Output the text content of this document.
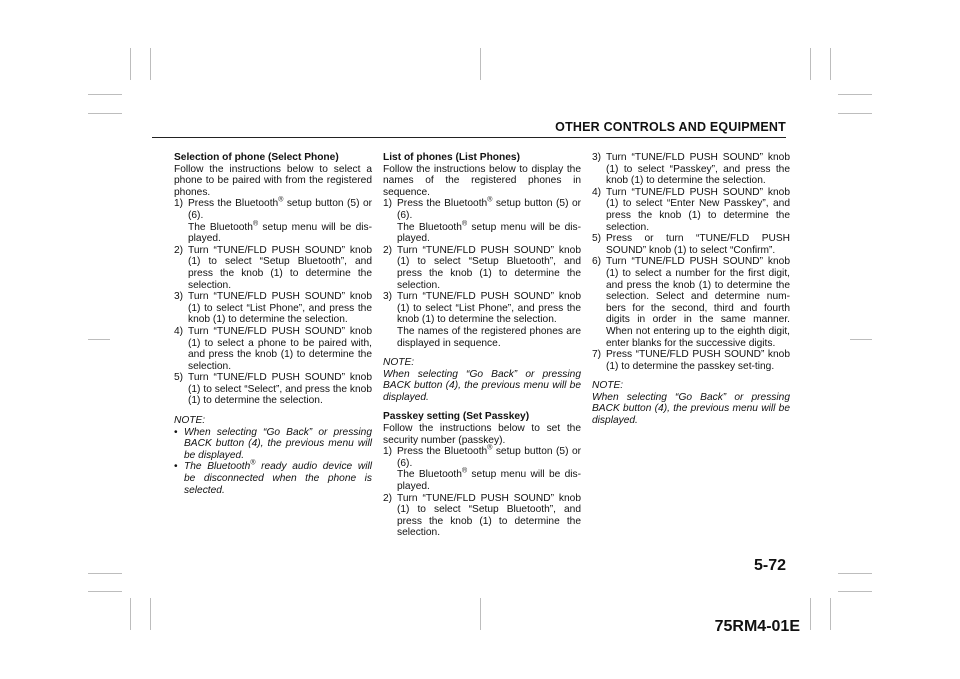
OTHER CONTROLS AND EQUIPMENT

Selection of phone (Select Phone)

Follow the instructions below to select a phone to be paired with from the registered phones.

1) Press the Bluetooth® setup button (5) or (6).
The Bluetooth® setup menu will be dis-played.
2) Turn “TUNE/FLD PUSH SOUND” knob (1) to select “Setup Bluetooth”, and press the knob (1) to determine the selection.
3) Turn “TUNE/FLD PUSH SOUND” knob (1) to select “List Phone”, and press the knob (1) to determine the selection.
4) Turn “TUNE/FLD PUSH SOUND” knob (1) to select a phone to be paired with, and press the knob (1) to determine the selection.
5) Turn “TUNE/FLD PUSH SOUND” knob (1) to select “Select”, and press the knob (1) to determine the selection.

NOTE:

• When selecting “Go Back” or pressing BACK button (4), the previous menu will be displayed.
• The Bluetooth® ready audio device will be disconnected when the phone is selected.

List of phones (List Phones)

Follow the instructions below to display the names of the registered phones in sequence.

1) Press the Bluetooth® setup button (5) or (6).
The Bluetooth® setup menu will be dis-played.
2) Turn “TUNE/FLD PUSH SOUND” knob (1) to select “Setup Bluetooth”, and press the knob (1) to determine the selection.
3) Turn “TUNE/FLD PUSH SOUND” knob (1) to select “List Phone”, and press the knob (1) to determine the selection.
The names of the registered phones are displayed in sequence.

NOTE:

When selecting “Go Back” or pressing BACK button (4), the previous menu will be displayed.

Passkey setting (Set Passkey)

Follow the instructions below to set the security number (passkey).

1) Press the Bluetooth® setup button (5) or (6).
The Bluetooth® setup menu will be dis-played.
2) Turn “TUNE/FLD PUSH SOUND” knob (1) to select “Setup Bluetooth”, and press the knob (1) to determine the selection.
3) Turn “TUNE/FLD PUSH SOUND” knob (1) to select “Passkey”, and press the knob (1) to determine the selection.
4) Turn “TUNE/FLD PUSH SOUND” knob (1) to select “Enter New Passkey”, and press the knob (1) to determine the selection.
5) Press or turn “TUNE/FLD PUSH SOUND” knob (1) to select “Confirm”.
6) Turn “TUNE/FLD PUSH SOUND” knob (1) to select a number for the first digit, and press the knob (1) to determine the selection. Select and determine num-bers for the second, third and fourth digits in order in the same manner. When not entering up to the eighth digit, enter blanks for the successive digits.
7) Press “TUNE/FLD PUSH SOUND” knob (1) to determine the passkey set-ting.

NOTE:

When selecting “Go Back” or pressing BACK button (4), the previous menu will be displayed.

5-72
75RM4-01E
